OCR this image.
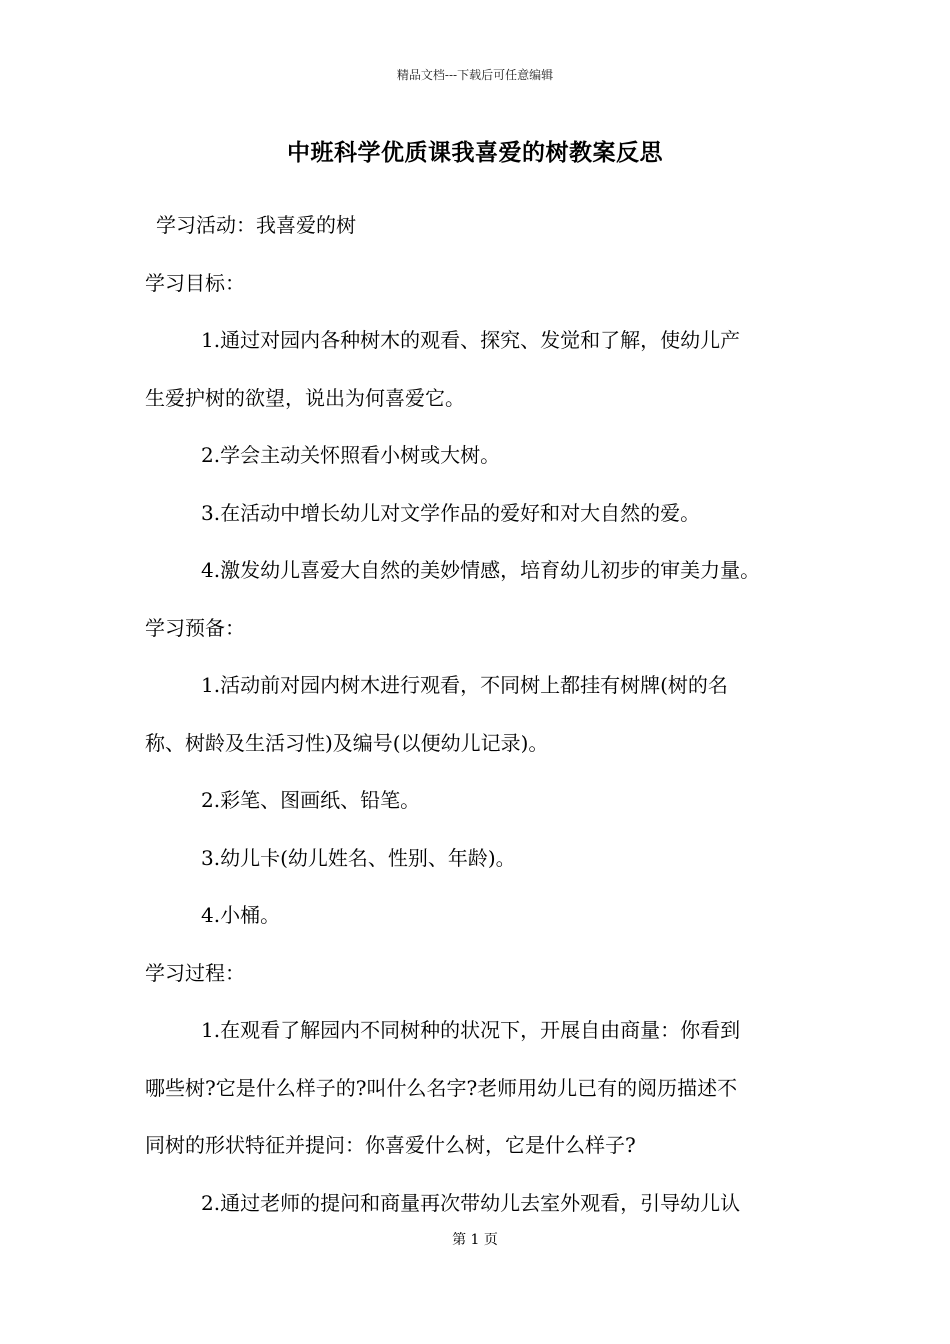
精品文档---下载后可任意编辑
中班科学优质课我喜爱的树教案反思
学习活动：我喜爱的树
学习目标：
1.通过对园内各种树木的观看、探究、发觉和了解，使幼儿产
生爱护树的欲望，说出为何喜爱它。
2.学会主动关怀照看小树或大树。
3.在活动中增长幼儿对文学作品的爱好和对大自然的爱。
4.激发幼儿喜爱大自然的美妙情感，培育幼儿初步的审美力量。
学习预备：
1.活动前对园内树木进行观看，不同树上都挂有树牌(树的名
称、树龄及生活习性)及编号(以便幼儿记录)。
2.彩笔、图画纸、铅笔。
3.幼儿卡(幼儿姓名、性别、年龄)。
4.小桶。
学习过程：
1.在观看了解园内不同树种的状况下，开展自由商量：你看到
哪些树?它是什么样子的?叫什么名字?老师用幼儿已有的阅历描述不
同树的形状特征并提问：你喜爱什么树，它是什么样子?
2.通过老师的提问和商量再次带幼儿去室外观看，引导幼儿认
第 1 页
